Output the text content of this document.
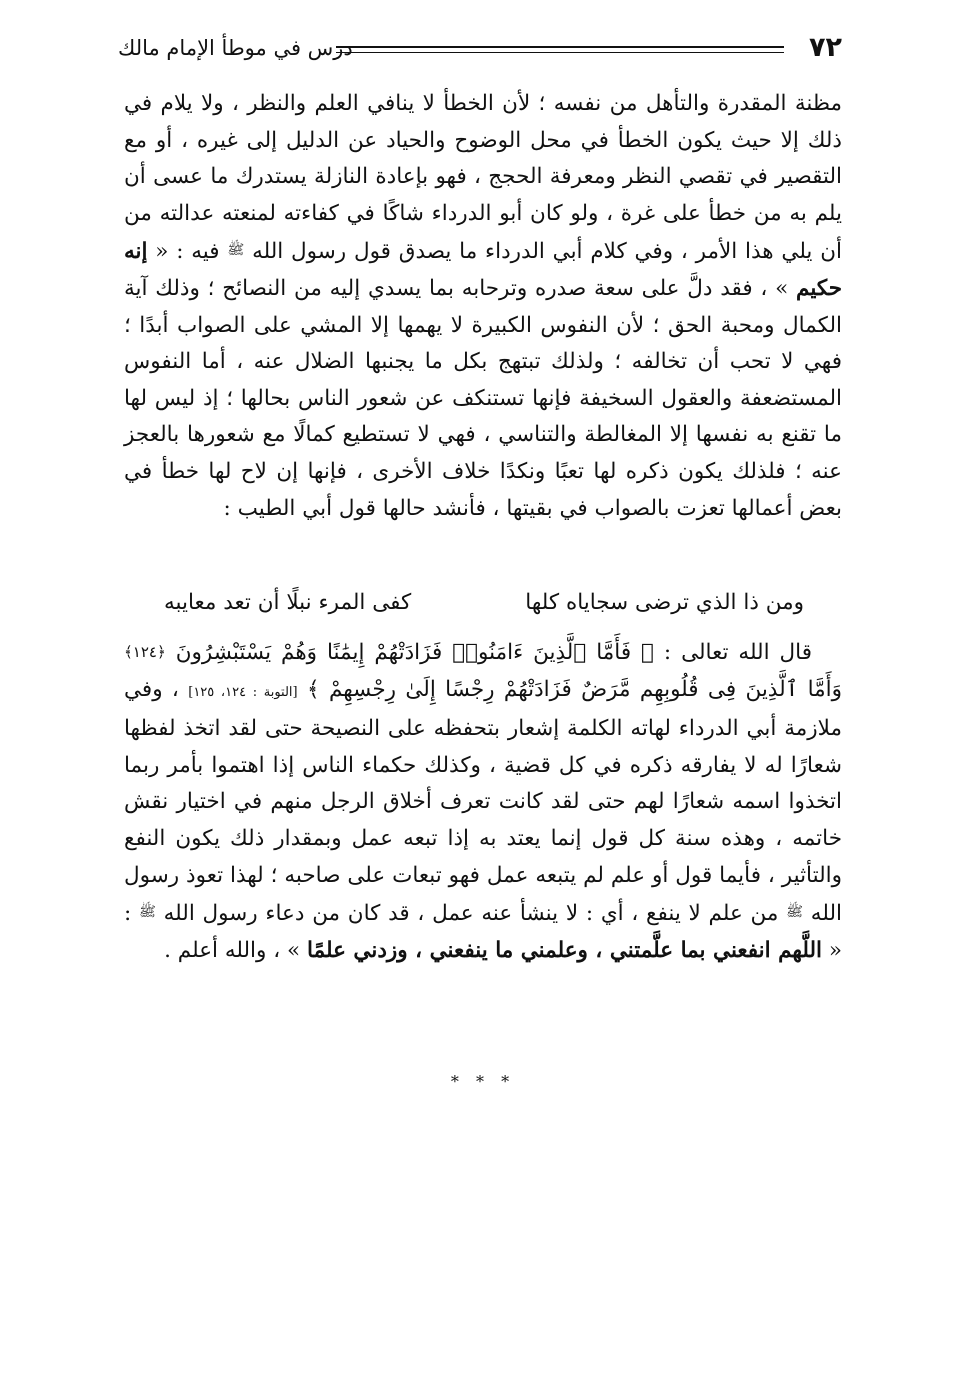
٧٢
درس في موطأ الإمام مالك

مظنة المقدرة والتأهل من نفسه ؛ لأن الخطأ لا ينافي العلم والنظر ، ولا يلام في ذلك إلا حيث يكون الخطأ في محل الوضوح والحياد عن الدليل إلى غيره ، أو مع التقصير في تقصي النظر ومعرفة الحجج ، فهو بإعادة النازلة يستدرك ما عسى أن يلم به من خطأ على غرة ، ولو كان أبو الدرداء شاكًا في كفاءته لمنعته عدالته من أن يلي هذا الأمر ، وفي كلام أبي الدرداء ما يصدق قول رسول الله ﷺ فيه : « إنه حكيم » ، فقد دلَّ على سعة صدره وترحابه بما يسدي إليه من النصائح ؛ وذلك آية الكمال ومحبة الحق ؛ لأن النفوس الكبيرة لا يهمها إلا المشي على الصواب أبدًا ؛ فهي لا تحب أن تخالفه ؛ ولذلك تبتهج بكل ما يجنبها الضلال عنه ، أما النفوس المستضعفة والعقول السخيفة فإنها تستنكف عن شعور الناس بحالها ؛ إذ ليس لها ما تقنع به نفسها إلا المغالطة والتناسي ، فهي لا تستطيع كمالًا مع شعورها بالعجز عنه ؛ فلذلك يكون ذكره لها تعبًا ونكدًا خلاف الأخرى ، فإنها إن لاح لها خطأ في بعض أعمالها تعزت بالصواب في بقيتها ، فأنشد حالها قول أبي الطيب :

ومن ذا الذي ترضى سجاياه كلها
كفى المرء نبلًا أن تعد معايبه

قال الله تعالى : ﴿ فَأَمَّا ٱلَّذِينَ ءَامَنُوا۟ فَزَادَتْهُمْ إِيمَٰنًا وَهُمْ يَسْتَبْشِرُونَ ﴿١٢٤﴾ وَأَمَّا ٱلَّذِينَ فِى قُلُوبِهِم مَّرَضٌ فَزَادَتْهُمْ رِجْسًا إِلَىٰ رِجْسِهِمْ ﴾ [التوبة : ١٢٤، ١٢٥] ، وفي ملازمة أبي الدرداء لهاته الكلمة إشعار بتحفظه على النصيحة حتى لقد اتخذ لفظها شعارًا له لا يفارقه ذكره في كل قضية ، وكذلك حكماء الناس إذا اهتموا بأمر ربما اتخذوا اسمه شعارًا لهم حتى لقد كانت تعرف أخلاق الرجل منهم في اختيار نقش خاتمه ، وهذه سنة كل قول إنما يعتد به إذا تبعه عمل وبمقدار ذلك يكون النفع والتأثير ، فأيما قول أو علم لم يتبعه عمل فهو تبعات على صاحبه ؛ لهذا تعوذ رسول الله ﷺ من علم لا ينفع ، أي : لا ينشأ عنه عمل ، قد كان من دعاء رسول الله ﷺ : « اللَّهم انفعني بما علَّمتني ، وعلمني ما ينفعني ، وزدني علمًا » ، والله أعلم .

* * *
